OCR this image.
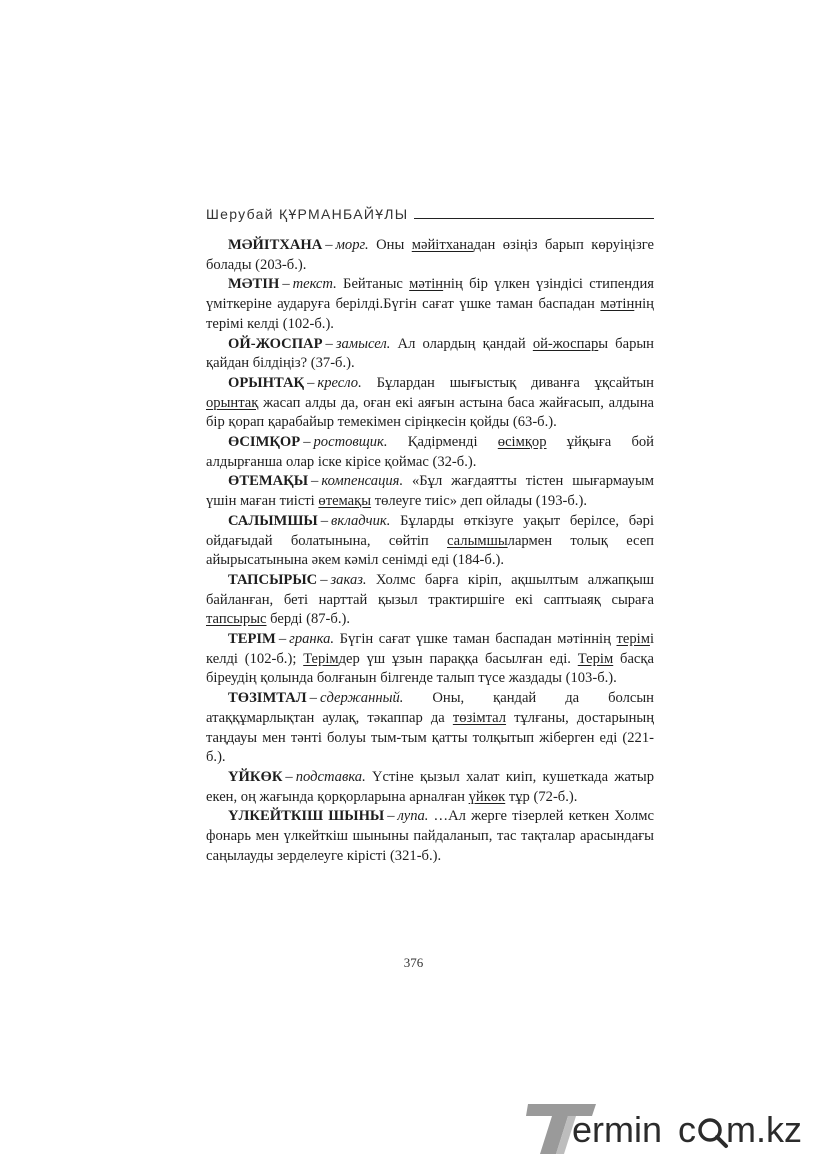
Шерубай ҚҰРМАНБАЙҰЛЫ

МӘЙІТХАНА – морг. Оны мәйітханадан өзіңіз барып көруіңізге болады (203-б.).

МӘТІН – текст. Бейтаныс мәтіннің бір үлкен үзіндісі стипендия үміткеріне аударуға берілді.Бүгін сағат үшке таман баспадан мәтіннің терімі келді (102-б.).

ОЙ-ЖОСПАР – замысел. Ал олардың қандай ой-жоспары барын қайдан білдіңіз? (37-б.).

ОРЫНТАҚ – кресло. Бұлардан шығыстық диванға ұқсайтын орынтақ жасап алды да, оған екі аяғын астына баса жайғасып, алдына бір қорап қарабайыр темекімен сіріңкесін қойды (63-б.).

ӨСІМҚОР – ростовщик. Қадірменді өсімқор ұйқыға бой алдырғанша олар іске кірісе қоймас (32-б.).

ӨТЕМАҚЫ – компенсация. «Бұл жағдаятты тістен шығармауым үшін маған тиісті өтемақы төлеуге тиіс» деп ойлады (193-б.).

САЛЫМШЫ – вкладчик. Бұларды өткізуге уақыт берілсе, бәрі ойдағыдай болатынына, сөйтіп салымшылармен толық есеп айырысатынына әкем кәміл сенімді еді (184-б.).

ТАПСЫРЫС – заказ. Холмс барға кіріп, ақшылтым алжапқыш байланған, беті нарттай қызыл трактиршіге екі саптыаяқ сыраға тапсырыс берді (87-б.).

ТЕРІМ – гранка. Бүгін сағат үшке таман баспадан мәтіннің терімі келді (102-б.); Терімдер үш ұзын параққа басылған еді. Терім басқа біреудің қолында болғанын білгенде талып түсе жаздады (103-б.).

ТӨЗІМТАЛ – сдержанный. Оны, қандай да болсын атаққұмарлықтан аулақ, тәкаппар да төзімтал тұлғаны, достарының таңдауы мен тәнті болуы тым-тым қатты толқытып жіберген еді (221-б.).

ҮЙКӨК – подставка. Үстіне қызыл халат киіп, кушеткада жатыр екен, оң жағында қорқорларына арналған үйкөк тұр (72-б.).

ҮЛКЕЙТКІШ ШЫНЫ – лупа. …Ал жерге тізерлей кеткен Холмс фонарь мен үлкейткіш шыныны пайдаланып, тас тақталар арасындағы саңылауды зерделеуге кірісті (321-б.).

376
ermin c m.kz
